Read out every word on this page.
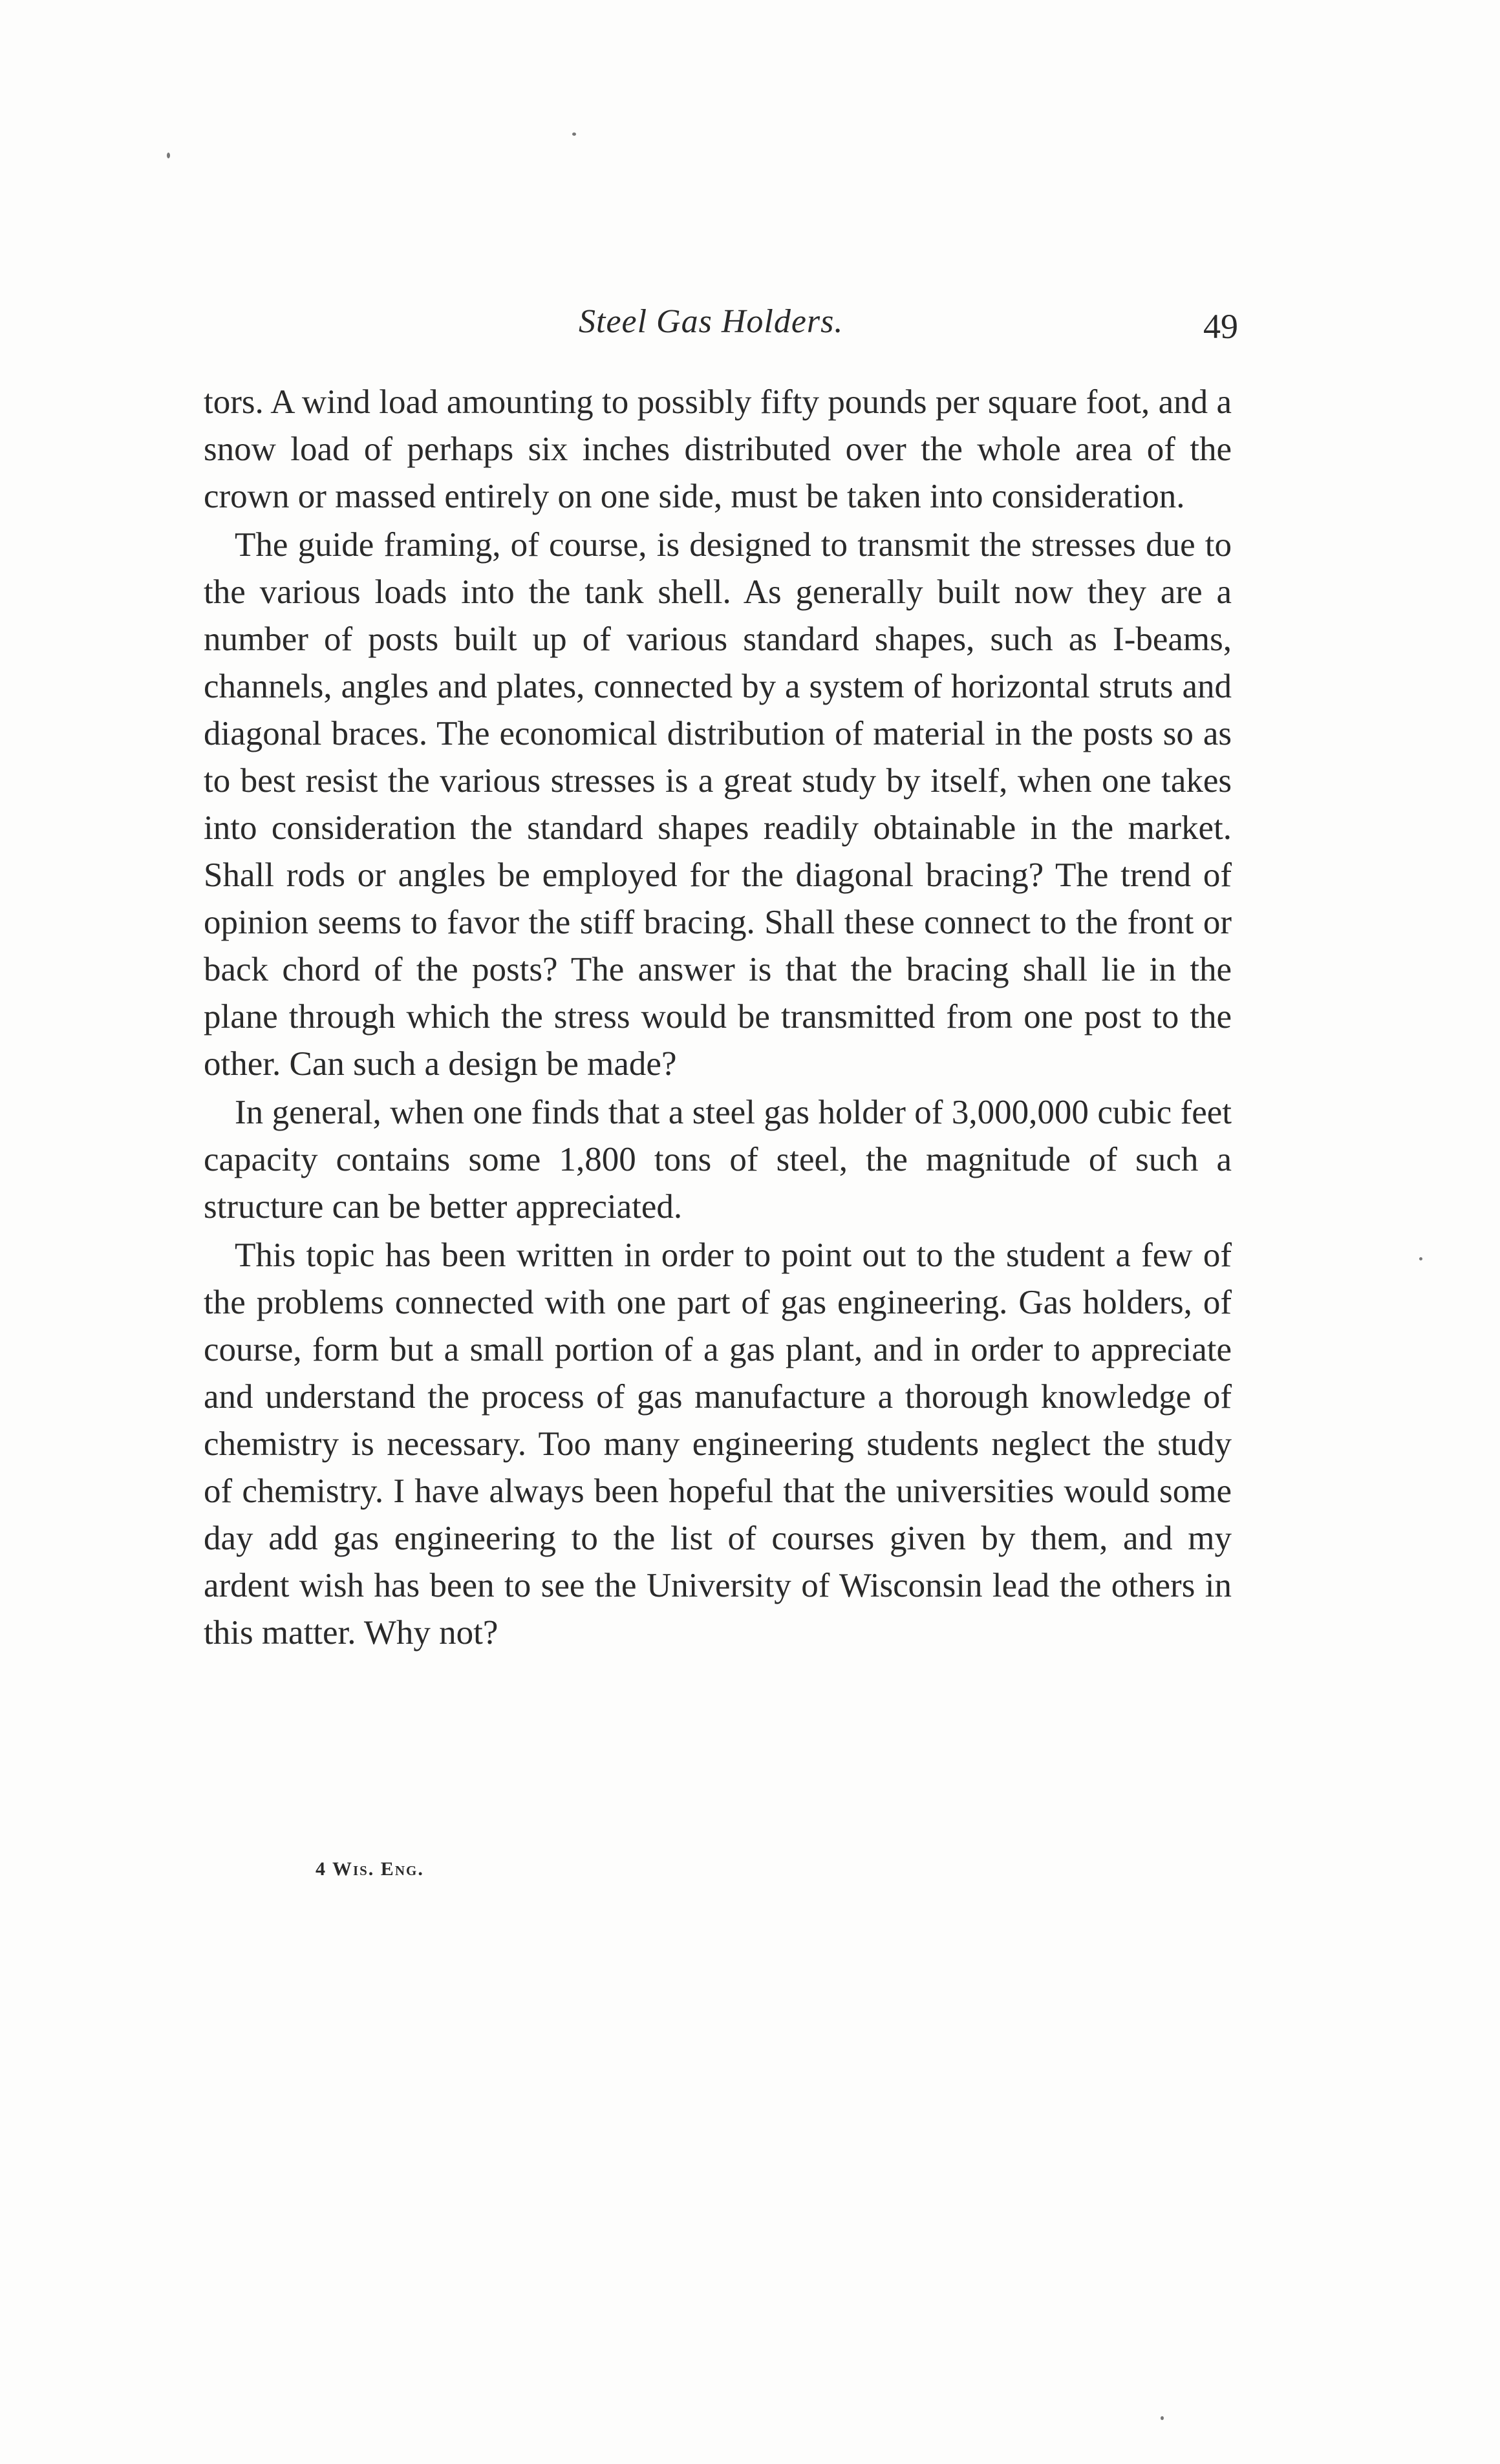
Steel Gas Holders.	49

tors. A wind load amounting to possibly fifty pounds per square foot, and a snow load of perhaps six inches distributed over the whole area of the crown or massed entirely on one side, must be taken into consideration.

The guide framing, of course, is designed to transmit the stresses due to the various loads into the tank shell. As generally built now they are a number of posts built up of various standard shapes, such as I-beams, channels, angles and plates, connected by a system of horizontal struts and diagonal braces. The economical distribution of material in the posts so as to best resist the various stresses is a great study by itself, when one takes into consideration the standard shapes readily obtainable in the market. Shall rods or angles be employed for the diagonal bracing? The trend of opinion seems to favor the stiff bracing. Shall these connect to the front or back chord of the posts? The answer is that the bracing shall lie in the plane through which the stress would be transmitted from one post to the other. Can such a design be made?

In general, when one finds that a steel gas holder of 3,000,000 cubic feet capacity contains some 1,800 tons of steel, the magnitude of such a structure can be better appreciated.

This topic has been written in order to point out to the student a few of the problems connected with one part of gas engineering. Gas holders, of course, form but a small portion of a gas plant, and in order to appreciate and understand the process of gas manufacture a thorough knowledge of chemistry is necessary. Too many engineering students neglect the study of chemistry. I have always been hopeful that the universities would some day add gas engineering to the list of courses given by them, and my ardent wish has been to see the University of Wisconsin lead the others in this matter. Why not?

4 Wis. Eng.
